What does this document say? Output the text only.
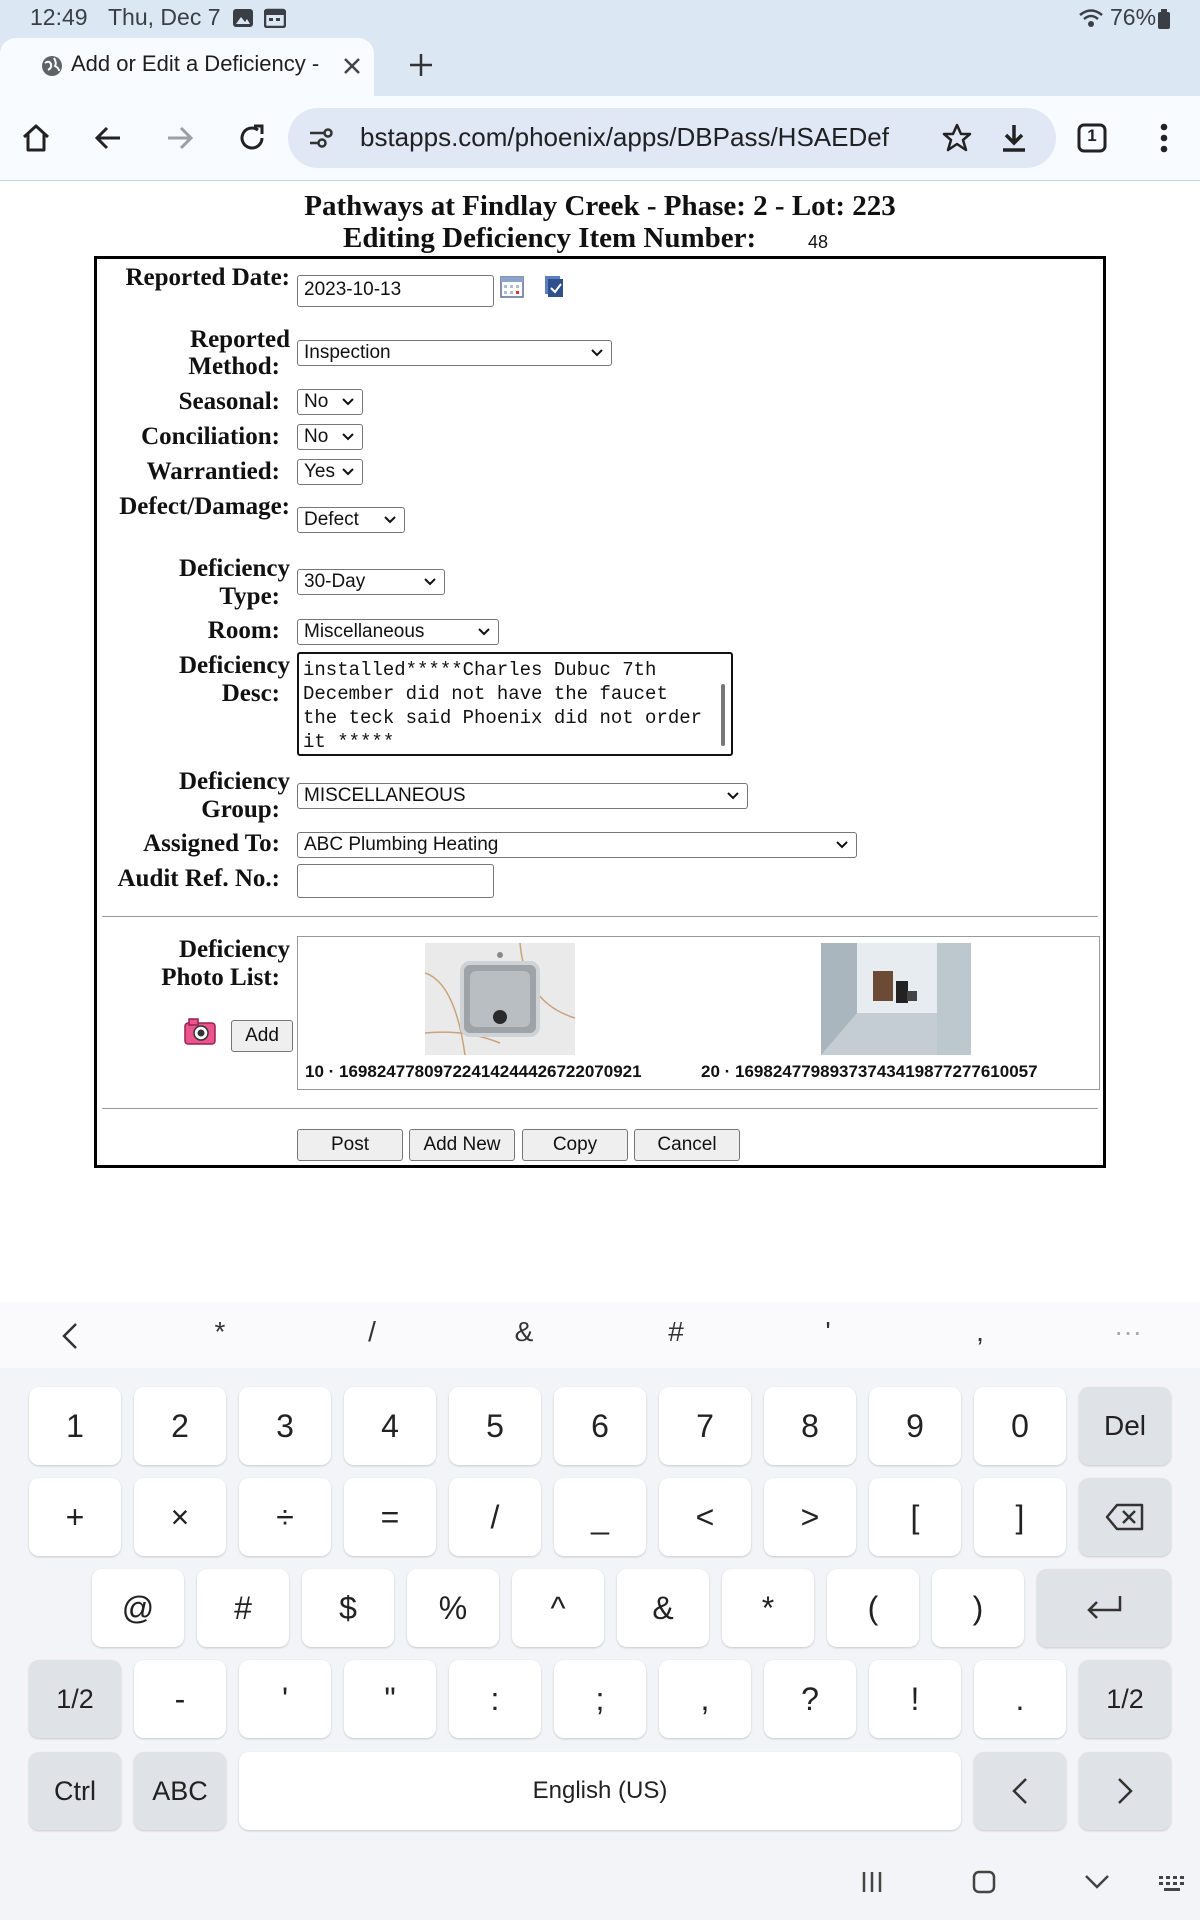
12:49 Thu, Dec 7	76%
Add or Edit a Deficiency -
bstapps.com/phoenix/apps/DBPass/HSAEDef	1
Pathways at Findlay Creek - Phase: 2 - Lot: 223
Editing Deficiency Item Number:	48
Reported Date: 2023-10-13
Reported
Method:
Inspection
Seasonal:	No
Conciliation:	No
Warrantied:	Yes
Defect/Damage: Defect
Deficiency
Type:
30-Day
Room:	Miscellaneous
Deficiency
Desc:
installed*****Charles Dubuc 7th
December did not have the faucet
the teck said Phoenix did not order
it *****
Deficiency
Group:
MISCELLANEOUS
Assigned To:	ABC Plumbing Heating
Audit Ref. No.:
Deficiency
Photo List:
Add
10 · 16982477809722414244426722070921	20 · 16982477989373743419877277610057
Post	Add New	Copy	Cancel
*	/	&	#	'	,	···
1	2	3	4	5	6	7	8	9	0	Del
+	×	÷	=	/	_	<	>	[	]
@	#	$	%	^	&	*	(	)
1/2	-	'	"	:	;	,	?	!	.	1/2
Ctrl	ABC	English (US)
